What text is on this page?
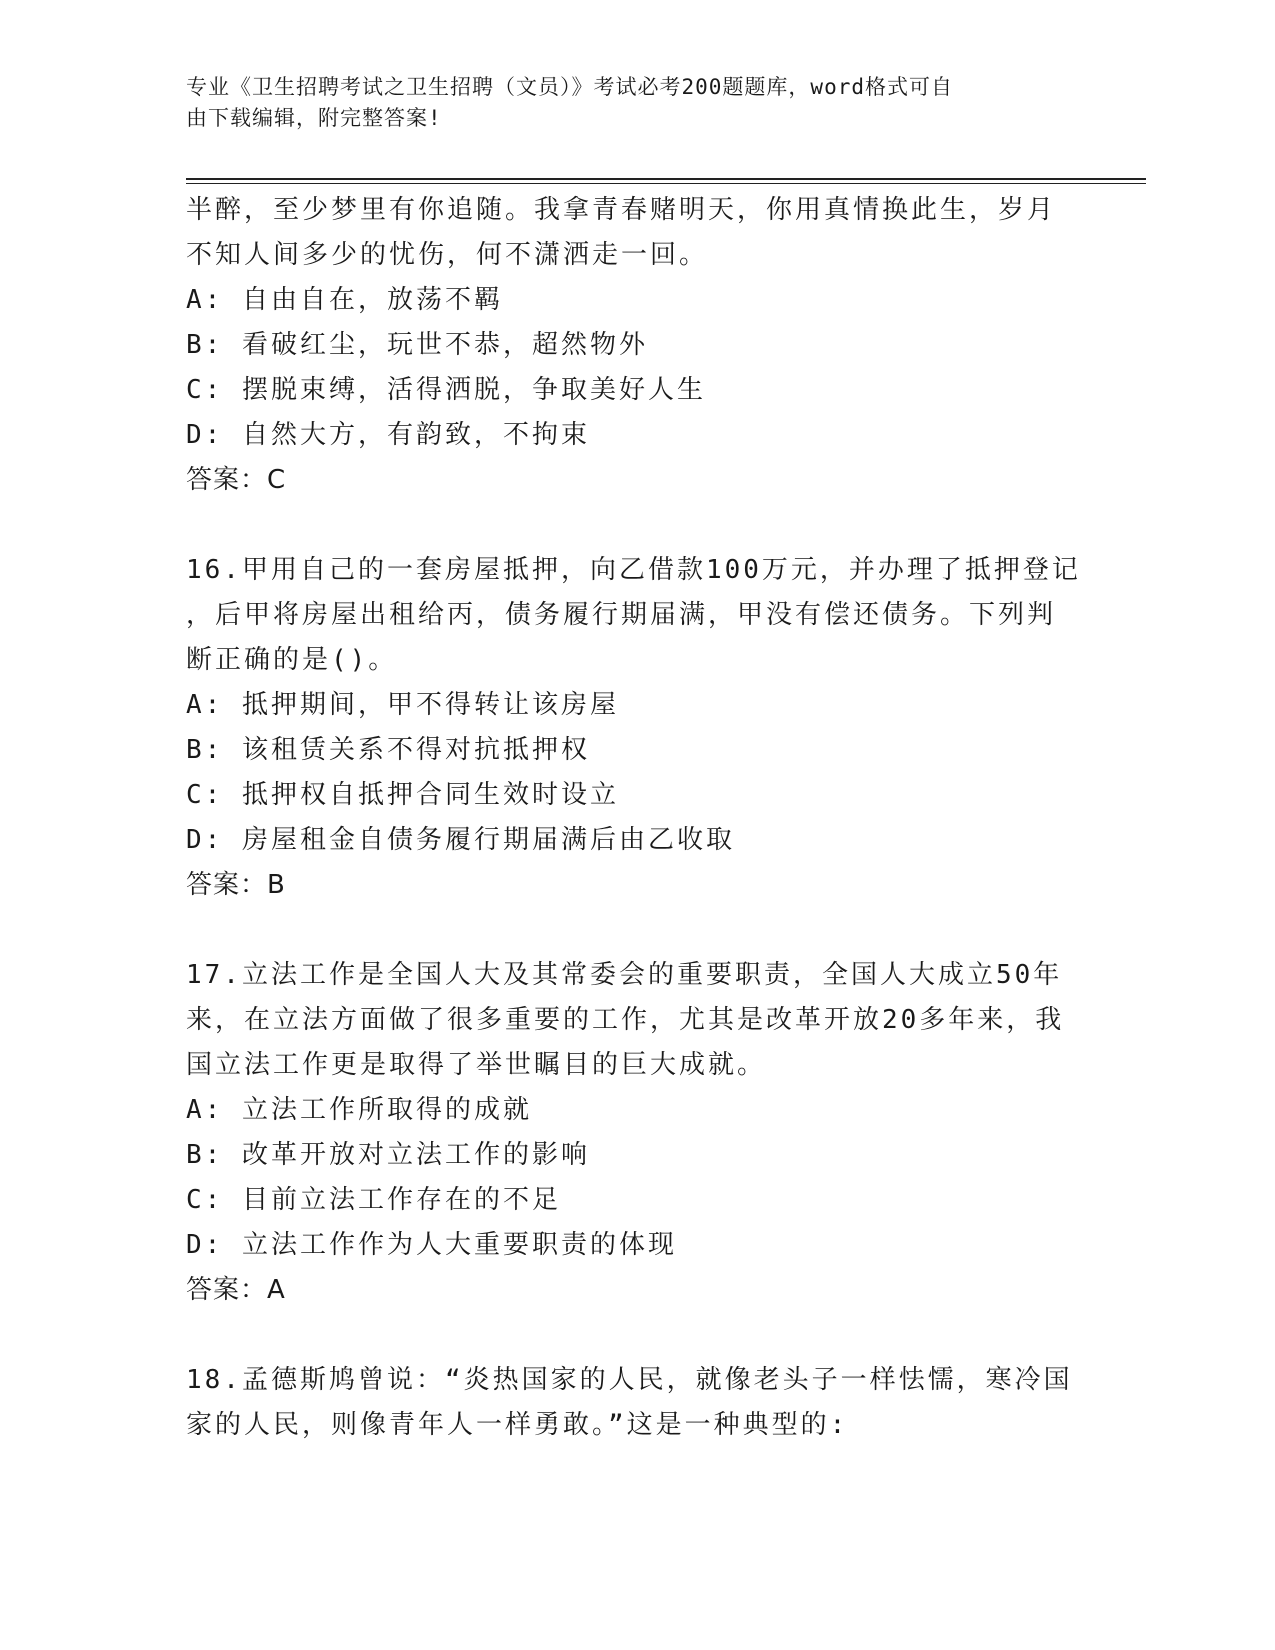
专业《卫生招聘考试之卫生招聘（文员）》考试必考200题题库，word格式可自
由下载编辑，附完整答案!
半醉，至少梦里有你追随。我拿青春赌明天，你用真情换此生，岁月
不知人间多少的忧伤，何不潇洒走一回。
A: 自由自在，放荡不羁
B: 看破红尘，玩世不恭，超然物外
C: 摆脱束缚，活得洒脱，争取美好人生
D: 自然大方，有韵致，不拘束
答案：C
16.甲用自己的一套房屋抵押，向乙借款100万元，并办理了抵押登记
，后甲将房屋出租给丙，债务履行期届满，甲没有偿还债务。下列判
断正确的是()。
A: 抵押期间，甲不得转让该房屋
B: 该租赁关系不得对抗抵押权
C: 抵押权自抵押合同生效时设立
D: 房屋租金自债务履行期届满后由乙收取
答案：B
17.立法工作是全国人大及其常委会的重要职责，全国人大成立50年
来，在立法方面做了很多重要的工作，尤其是改革开放20多年来，我
国立法工作更是取得了举世瞩目的巨大成就。
A: 立法工作所取得的成就
B: 改革开放对立法工作的影响
C: 目前立法工作存在的不足
D: 立法工作作为人大重要职责的体现
答案：A
18.孟德斯鸠曾说：“炎热国家的人民，就像老头子一样怯懦，寒冷国
家的人民，则像青年人一样勇敢。”这是一种典型的:
